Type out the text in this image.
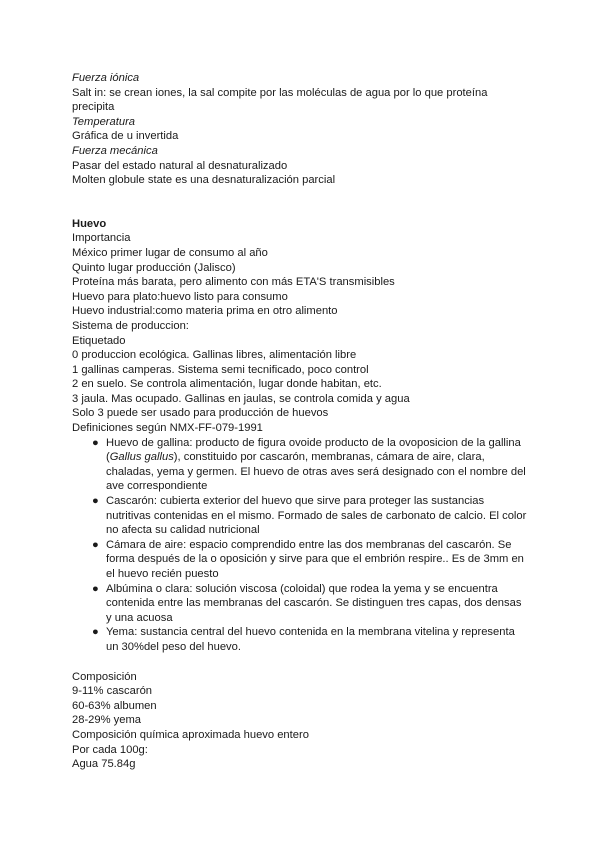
Fuerza iónica
Salt in: se crean iones, la sal compite por las moléculas de agua por lo que proteína
precipita
Temperatura
Gráfica de u invertida
Fuerza mecánica
Pasar del estado natural al desnaturalizado
Molten globule state es una desnaturalización parcial
Huevo
Importancia
México primer lugar de consumo al año
Quinto lugar producción (Jalisco)
Proteína más barata, pero alimento con más ETA'S transmisibles
Huevo para plato:huevo listo para consumo
Huevo industrial:como materia prima en otro alimento
Sistema de produccion:
Etiquetado
0 produccion ecológica. Gallinas libres, alimentación libre
1 gallinas camperas. Sistema semi tecnificado, poco control
2 en suelo. Se controla alimentación, lugar donde habitan, etc.
3 jaula. Mas ocupado. Gallinas en jaulas, se controla comida y agua
Solo 3 puede ser usado para producción de huevos
Definiciones según NMX-FF-079-1991
● Huevo de gallina: producto de figura ovoide producto de la ovoposicion de la gallina
(Gallus gallus), constituido por cascarón, membranas, cámara de aire, clara,
chaladas, yema y germen. El huevo de otras aves será designado con el nombre del
ave correspondiente
● Cascarón: cubierta exterior del huevo que sirve para proteger las sustancias
nutritivas contenidas en el mismo. Formado de sales de carbonato de calcio. El color
no afecta su calidad nutricional
● Cámara de aire: espacio comprendido entre las dos membranas del cascarón. Se
forma después de la o oposición y sirve para que el embrión respire.. Es de 3mm en
el huevo recién puesto
● Albúmina o clara: solución viscosa (coloidal) que rodea la yema y se encuentra
contenida entre las membranas del cascarón. Se distinguen tres capas, dos densas
y una acuosa
● Yema: sustancia central del huevo contenida en la membrana vitelina y representa
un 30%del peso del huevo.
Composición
9-11% cascarón
60-63% albumen
28-29% yema
Composición química aproximada huevo entero
Por cada 100g:
Agua 75.84g
